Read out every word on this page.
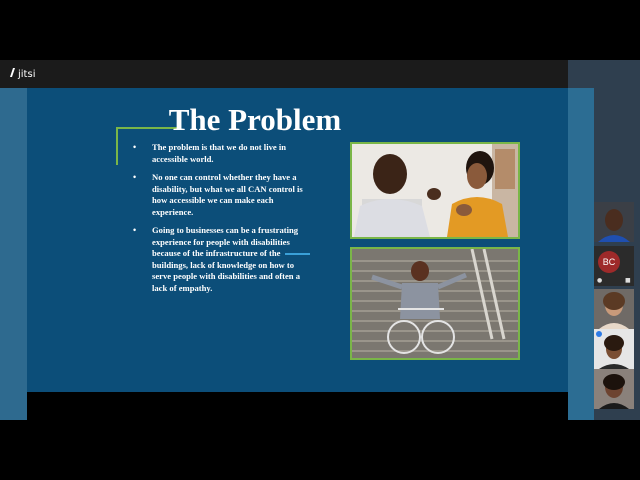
jitsi
The Problem
• The problem is that we do not live in accessible world.
• No one can control whether they have a disability, but what we all CAN control is how accessible we can make each experience.
• Going to businesses can be a frustrating experience for people with disabilities because of the infrastructure of the buildings, lack of knowledge on how to serve people with disabilities and often a lack of empathy.
BC
●	■
